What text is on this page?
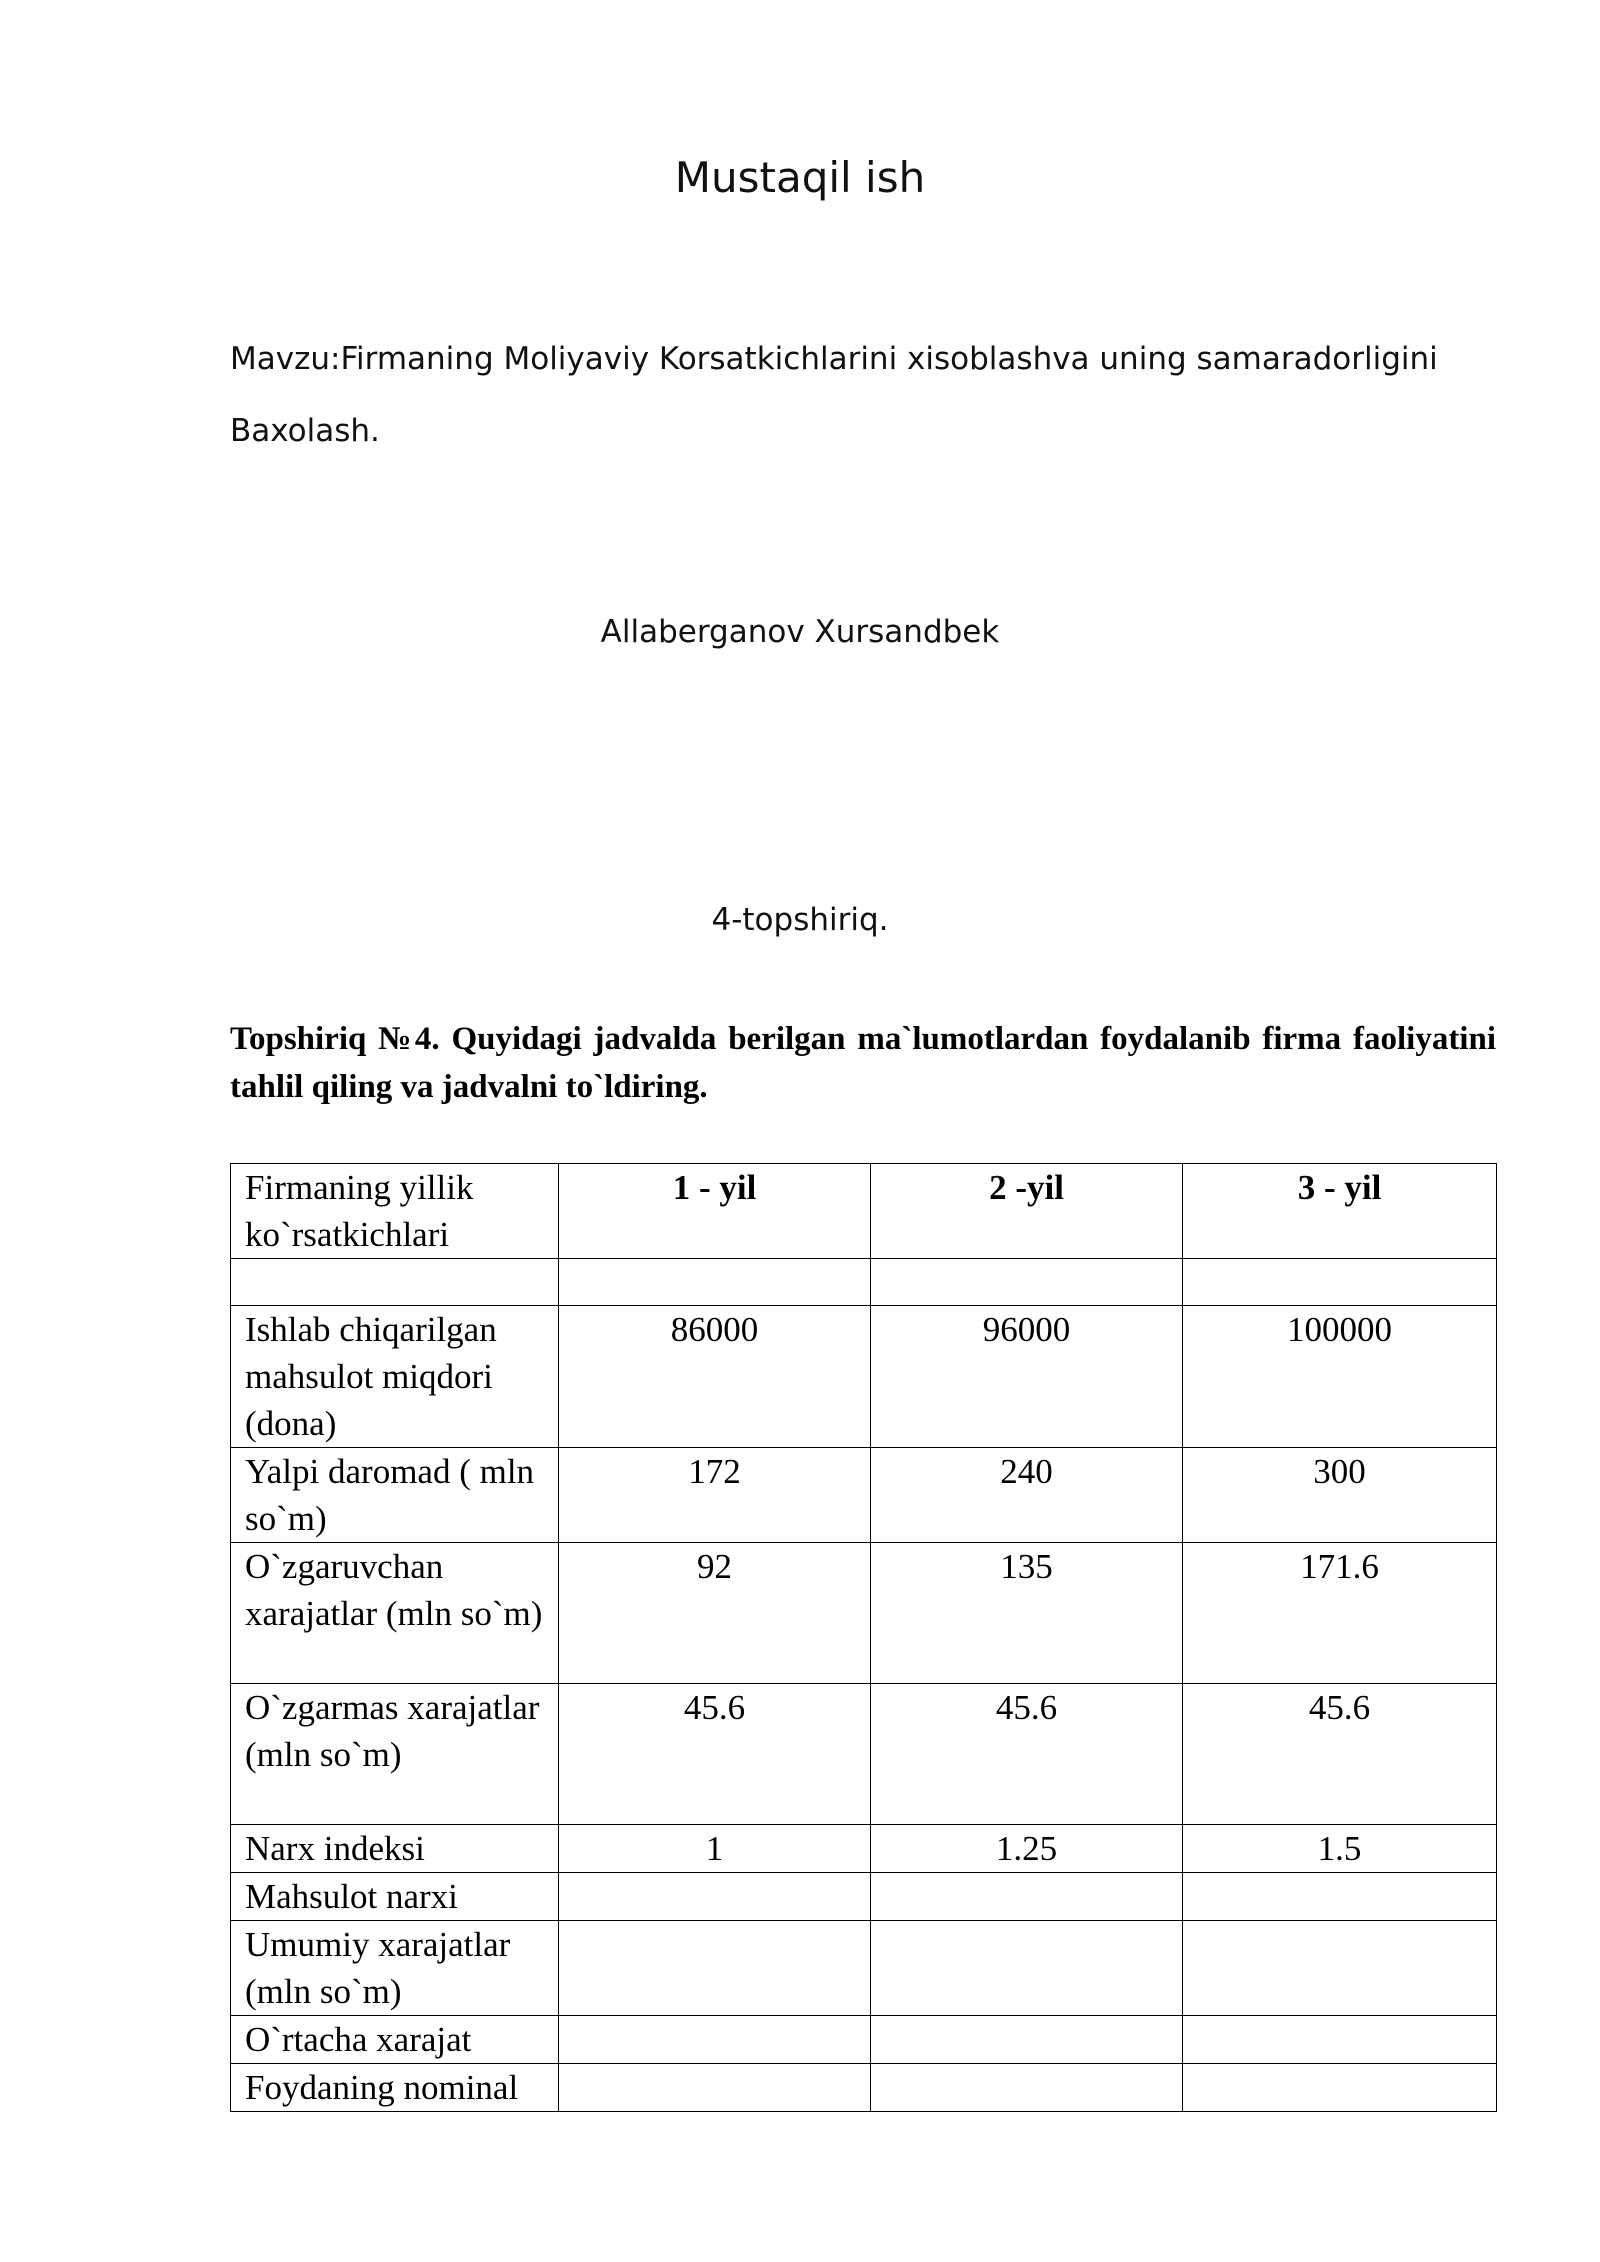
Mustaqil ish
Mavzu:Firmaning Moliyaviy Korsatkichlarini xisoblashva uning samaradorligini
Baxolash.
Allaberganov Xursandbek
4-topshiriq.
Topshiriq №4. Quyidagi jadvalda berilgan ma`lumotlardan foydalanib firma faoliyatini tahlil qiling va jadvalni to`ldiring.
Firmaning yillik ko`rsatkichlari	1 - yil	2 -yil	3 - yil

Ishlab chiqarilgan mahsulot miqdori (dona)	86000	96000	100000
Yalpi daromad ( mln so`m)	172	240	300
O`zgaruvchan xarajatlar (mln so`m)	92	135	171.6
O`zgarmas xarajatlar (mln so`m)	45.6	45.6	45.6
Narx indeksi	1	1.25	1.5
Mahsulot narxi			
Umumiy xarajatlar (mln so`m)			
O`rtacha xarajat			
Foydaning nominal			
